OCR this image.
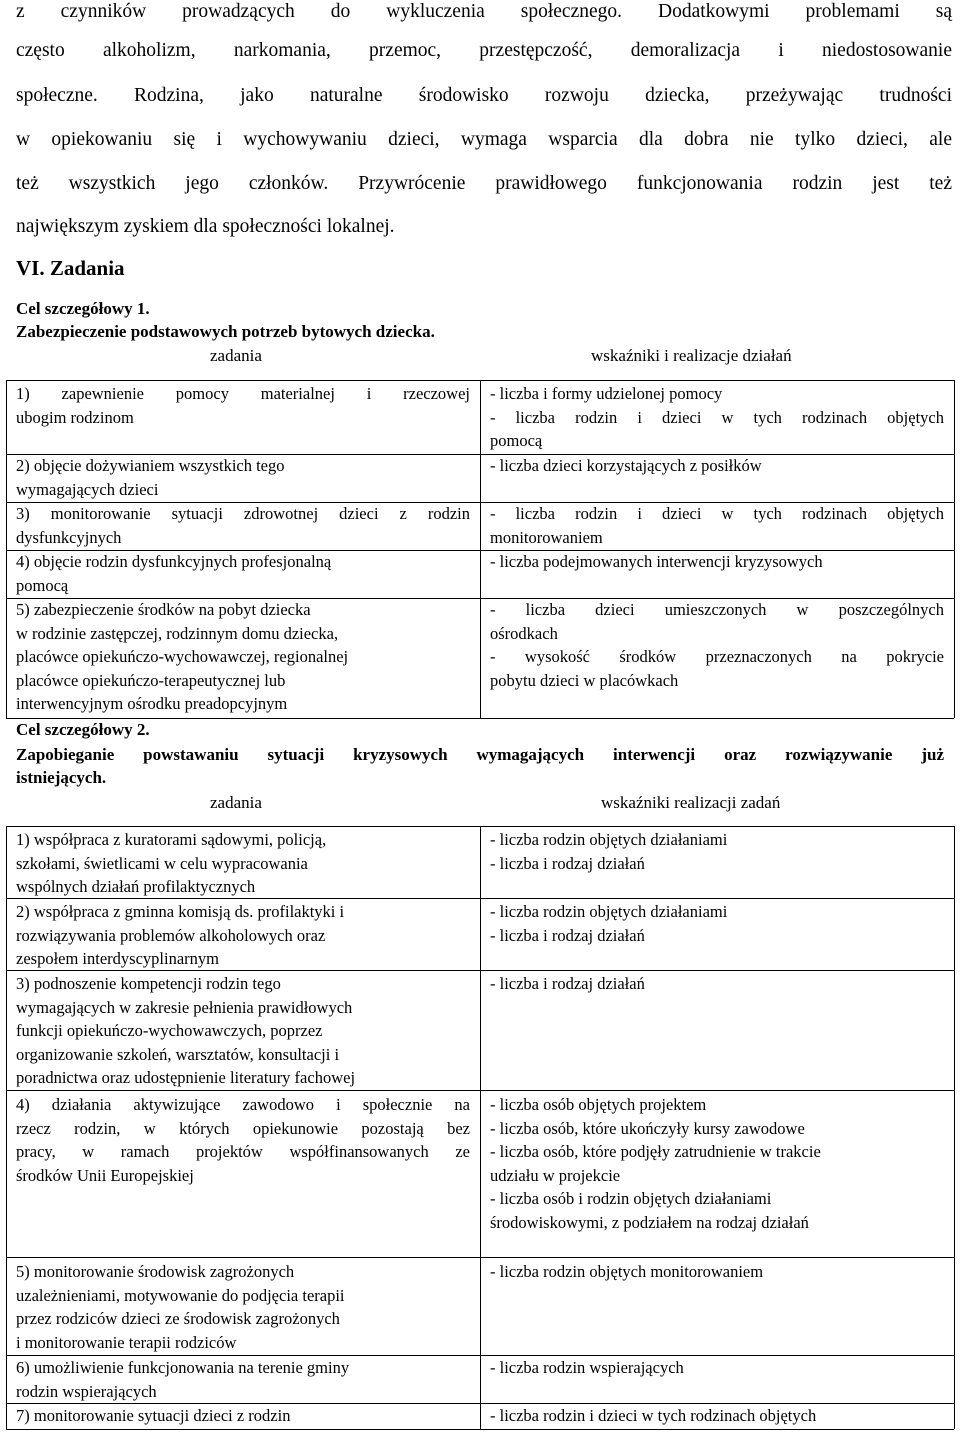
z czynników prowadzących do wykluczenia społecznego. Dodatkowymi problemami są
często alkoholizm, narkomania, przemoc, przestępczość, demoralizacja i niedostosowanie
społeczne. Rodzina, jako naturalne środowisko rozwoju dziecka, przeżywając trudności
w opiekowaniu się i wychowywaniu dzieci, wymaga wsparcia dla dobra nie tylko dzieci, ale
też wszystkich jego członków. Przywrócenie prawidłowego funkcjonowania rodzin jest też
największym zyskiem dla społeczności lokalnej.
VI. Zadania
Cel szczegółowy 1.
Zabezpieczenie podstawowych potrzeb bytowych dziecka.
zadania	wskaźniki i realizacje działań
1) zapewnienie pomocy materialnej i rzeczowej
ubogim rodzinom
- liczba i formy udzielonej pomocy
- liczba rodzin i dzieci w tych rodzinach objętych
pomocą
2) objęcie dożywianiem wszystkich tego
wymagających dzieci
- liczba dzieci korzystających z posiłków
3) monitorowanie sytuacji zdrowotnej dzieci z rodzin
dysfunkcyjnych
- liczba rodzin i dzieci w tych rodzinach objętych
monitorowaniem
4) objęcie rodzin dysfunkcyjnych profesjonalną
pomocą
- liczba podejmowanych interwencji kryzysowych
5) zabezpieczenie środków na pobyt dziecka
w rodzinie zastępczej, rodzinnym domu dziecka,
placówce opiekuńczo-wychowawczej, regionalnej
placówce opiekuńczo-terapeutycznej lub
interwencyjnym ośrodku preadopcyjnym
- liczba dzieci umieszczonych w poszczególnych
ośrodkach
- wysokość środków przeznaczonych na pokrycie
pobytu dzieci w placówkach
Cel szczegółowy 2.
Zapobieganie powstawaniu sytuacji kryzysowych wymagających interwencji oraz rozwiązywanie już
istniejących.
zadania	wskaźniki realizacji zadań
1) współpraca z kuratorami sądowymi, policją,
szkołami, świetlicami w celu wypracowania
wspólnych działań profilaktycznych
- liczba rodzin objętych działaniami
- liczba i rodzaj działań
2) współpraca z gminna komisją ds. profilaktyki i
rozwiązywania problemów alkoholowych oraz
zespołem interdyscyplinarnym
- liczba rodzin objętych działaniami
- liczba i rodzaj działań
3) podnoszenie kompetencji rodzin tego
wymagających w zakresie pełnienia prawidłowych
funkcji opiekuńczo-wychowawczych, poprzez
organizowanie szkoleń, warsztatów, konsultacji i
poradnictwa oraz udostępnienie literatury fachowej
- liczba i rodzaj działań
4) działania aktywizujące zawodowo i społecznie na
rzecz rodzin, w których opiekunowie pozostają bez
pracy, w ramach projektów współfinansowanych ze
środków Unii Europejskiej
- liczba osób objętych projektem
- liczba osób, które ukończyły kursy zawodowe
- liczba osób, które podjęły zatrudnienie w trakcie
udziału w projekcie
- liczba osób i rodzin objętych działaniami
środowiskowymi, z podziałem na rodzaj działań
5) monitorowanie środowisk zagrożonych
uzależnieniami, motywowanie do podjęcia terapii
przez rodziców dzieci ze środowisk zagrożonych
i monitorowanie terapii rodziców
- liczba rodzin objętych monitorowaniem
6) umożliwienie funkcjonowania na terenie gminy
rodzin wspierających
- liczba rodzin wspierających
7) monitorowanie sytuacji dzieci z rodzin	- liczba rodzin i dzieci w tych rodzinach objętych
